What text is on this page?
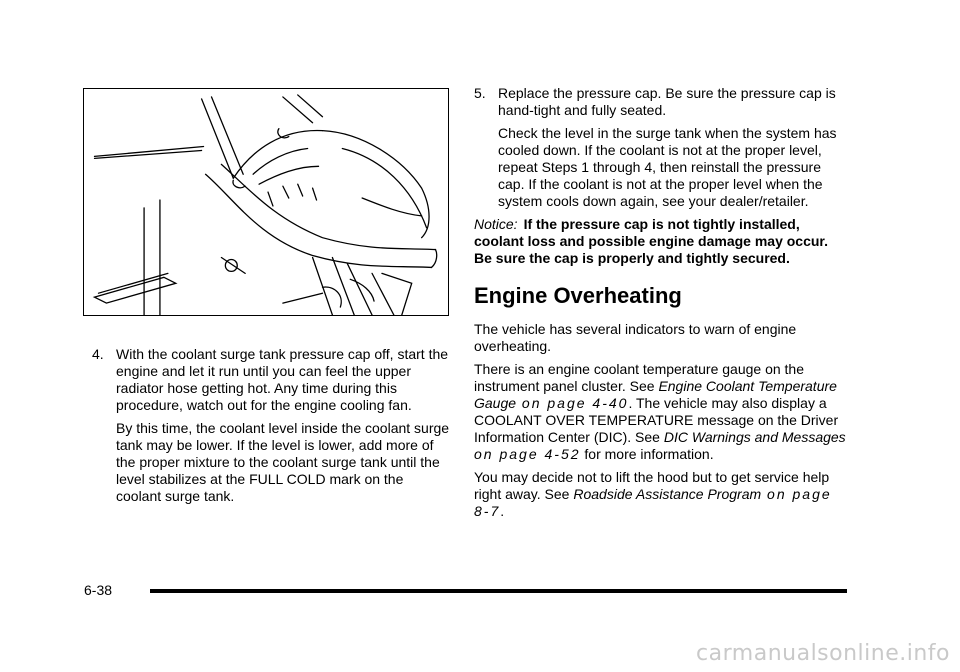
4. With the coolant surge tank pressure cap off, start the engine and let it run until you can feel the upper radiator hose getting hot. Any time during this procedure, watch out for the engine cooling fan.

By this time, the coolant level inside the coolant surge tank may be lower. If the level is lower, add more of the proper mixture to the coolant surge tank until the level stabilizes at the FULL COLD mark on the coolant surge tank.

5. Replace the pressure cap. Be sure the pressure cap is hand-tight and fully seated.

Check the level in the surge tank when the system has cooled down. If the coolant is not at the proper level, repeat Steps 1 through 4, then reinstall the pressure cap. If the coolant is not at the proper level when the system cools down again, see your dealer/retailer.

Notice: If the pressure cap is not tightly installed, coolant loss and possible engine damage may occur. Be sure the cap is properly and tightly secured.

Engine Overheating

The vehicle has several indicators to warn of engine overheating.

There is an engine coolant temperature gauge on the instrument panel cluster. See Engine Coolant Temperature Gauge on page 4-40. The vehicle may also display a COOLANT OVER TEMPERATURE message on the Driver Information Center (DIC). See DIC Warnings and Messages on page 4-52 for more information.

You may decide not to lift the hood but to get service help right away. See Roadside Assistance Program on page 8-7.

6-38
carmanualsonline.info
